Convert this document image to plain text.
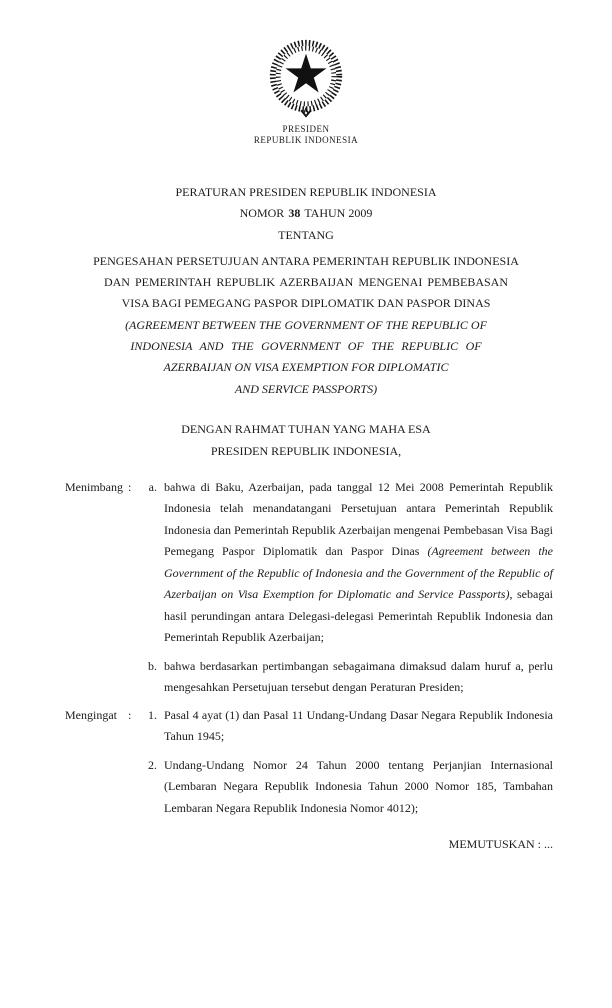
PRESIDEN
REPUBLIK INDONESIA
PERATURAN PRESIDEN REPUBLIK INDONESIA
NOMOR 38 TAHUN 2009
TENTANG
PENGESAHAN PERSETUJUAN ANTARA PEMERINTAH REPUBLIK INDONESIA
DAN PEMERINTAH REPUBLIK AZERBAIJAN MENGENAI PEMBEBASAN
VISA BAGI PEMEGANG PASPOR DIPLOMATIK DAN PASPOR DINAS
(AGREEMENT BETWEEN THE GOVERNMENT OF THE REPUBLIC OF
INDONESIA AND THE GOVERNMENT OF THE REPUBLIC OF
AZERBAIJAN ON VISA EXEMPTION FOR DIPLOMATIC
AND SERVICE PASSPORTS)
DENGAN RAHMAT TUHAN YANG MAHA ESA
PRESIDEN REPUBLIK INDONESIA,
Menimbang :	a. bahwa di Baku, Azerbaijan, pada tanggal 12 Mei 2008 Pemerintah Republik Indonesia telah menandatangani Persetujuan antara Pemerintah Republik Indonesia dan Pemerintah Republik Azerbaijan mengenai Pembebasan Visa Bagi Pemegang Paspor Diplomatik dan Paspor Dinas (Agreement between the Government of the Republic of Indonesia and the Government of the Republic of Azerbaijan on Visa Exemption for Diplomatic and Service Passports), sebagai hasil perundingan antara Delegasi-delegasi Pemerintah Republik Indonesia dan Pemerintah Republik Azerbaijan;
b. bahwa berdasarkan pertimbangan sebagaimana dimaksud dalam huruf a, perlu mengesahkan Persetujuan tersebut dengan Peraturan Presiden;
Mengingat :	1. Pasal 4 ayat (1) dan Pasal 11 Undang-Undang Dasar Negara Republik Indonesia Tahun 1945;
2. Undang-Undang Nomor 24 Tahun 2000 tentang Perjanjian Internasional (Lembaran Negara Republik Indonesia Tahun 2000 Nomor 185, Tambahan Lembaran Negara Republik Indonesia Nomor 4012);
MEMUTUSKAN : ...
